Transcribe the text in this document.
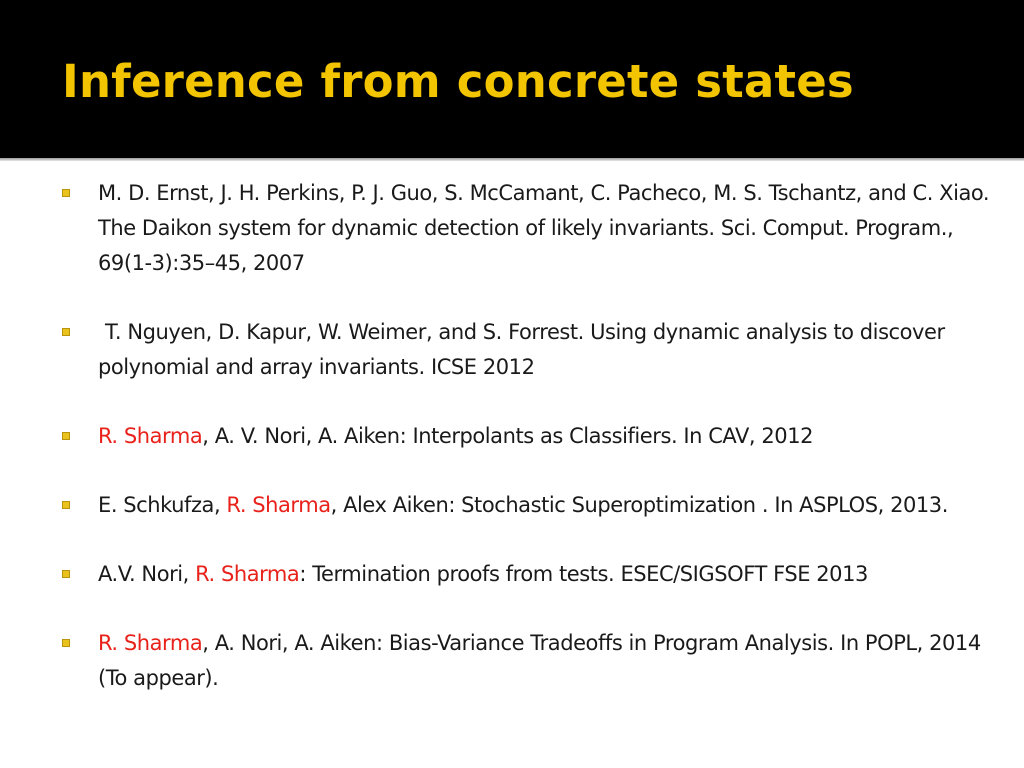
Inference from concrete states
M. D. Ernst, J. H. Perkins, P. J. Guo, S. McCamant, C. Pacheco, M. S. Tschantz, and C. Xiao. The Daikon system for dynamic detection of likely invariants. Sci. Comput. Program., 69(1-3):35–45, 2007
T. Nguyen, D. Kapur, W. Weimer, and S. Forrest. Using dynamic analysis to discover polynomial and array invariants. ICSE 2012
R. Sharma, A. V. Nori, A. Aiken: Interpolants as Classifiers. In CAV, 2012
E. Schkufza, R. Sharma, Alex Aiken: Stochastic Superoptimization . In ASPLOS, 2013.
A.V. Nori, R. Sharma: Termination proofs from tests. ESEC/SIGSOFT FSE 2013
R. Sharma, A. Nori, A. Aiken: Bias-Variance Tradeoffs in Program Analysis. In POPL, 2014 (To appear).
